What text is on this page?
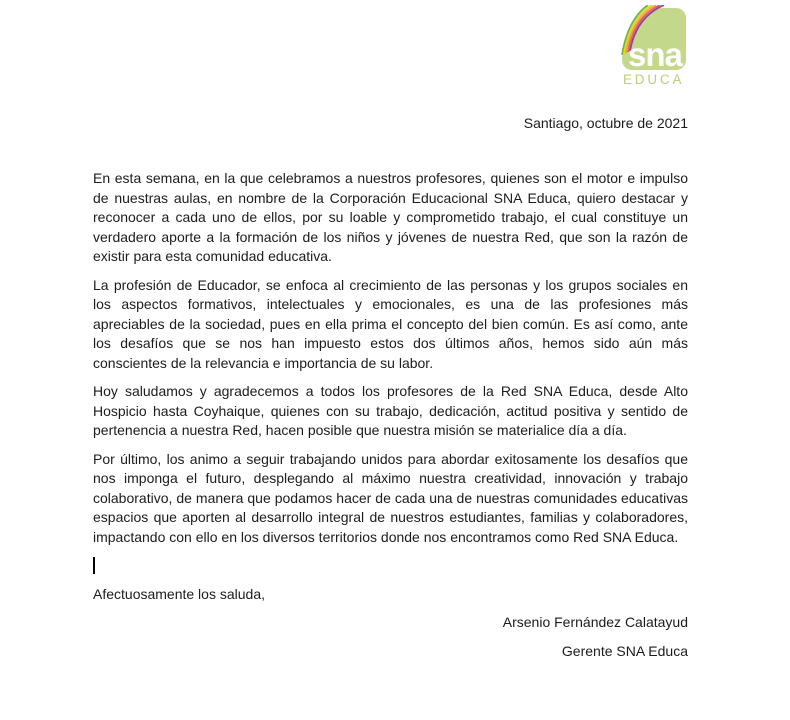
sna
EDUCA
Santiago, octubre de 2021

En esta semana, en la que celebramos a nuestros profesores, quienes son el motor e impulso de nuestras aulas, en nombre de la Corporación Educacional SNA Educa, quiero destacar y reconocer a cada uno de ellos, por su loable y comprometido trabajo, el cual constituye un verdadero aporte a la formación de los niños y jóvenes de nuestra Red, que son la razón de existir para esta comunidad educativa.

La profesión de Educador, se enfoca al crecimiento de las personas y los grupos sociales en los aspectos formativos, intelectuales y emocionales, es una de las profesiones más apreciables de la sociedad, pues en ella prima el concepto del bien común. Es así como, ante los desafíos que se nos han impuesto estos dos últimos años, hemos sido aún más conscientes de la relevancia e importancia de su labor.

Hoy saludamos y agradecemos a todos los profesores de la Red SNA Educa, desde Alto Hospicio hasta Coyhaique, quienes con su trabajo, dedicación, actitud positiva y sentido de pertenencia a nuestra Red, hacen posible que nuestra misión se materialice día a día.

Por último, los animo a seguir trabajando unidos para abordar exitosamente los desafíos que nos imponga el futuro, desplegando al máximo nuestra creatividad, innovación y trabajo colaborativo, de manera que podamos hacer de cada una de nuestras comunidades educativas espacios que aporten al desarrollo integral de nuestros estudiantes, familias y colaboradores, impactando con ello en los diversos territorios donde nos encontramos como Red SNA Educa.

Afectuosamente los saluda,

Arsenio Fernández Calatayud

Gerente SNA Educa
